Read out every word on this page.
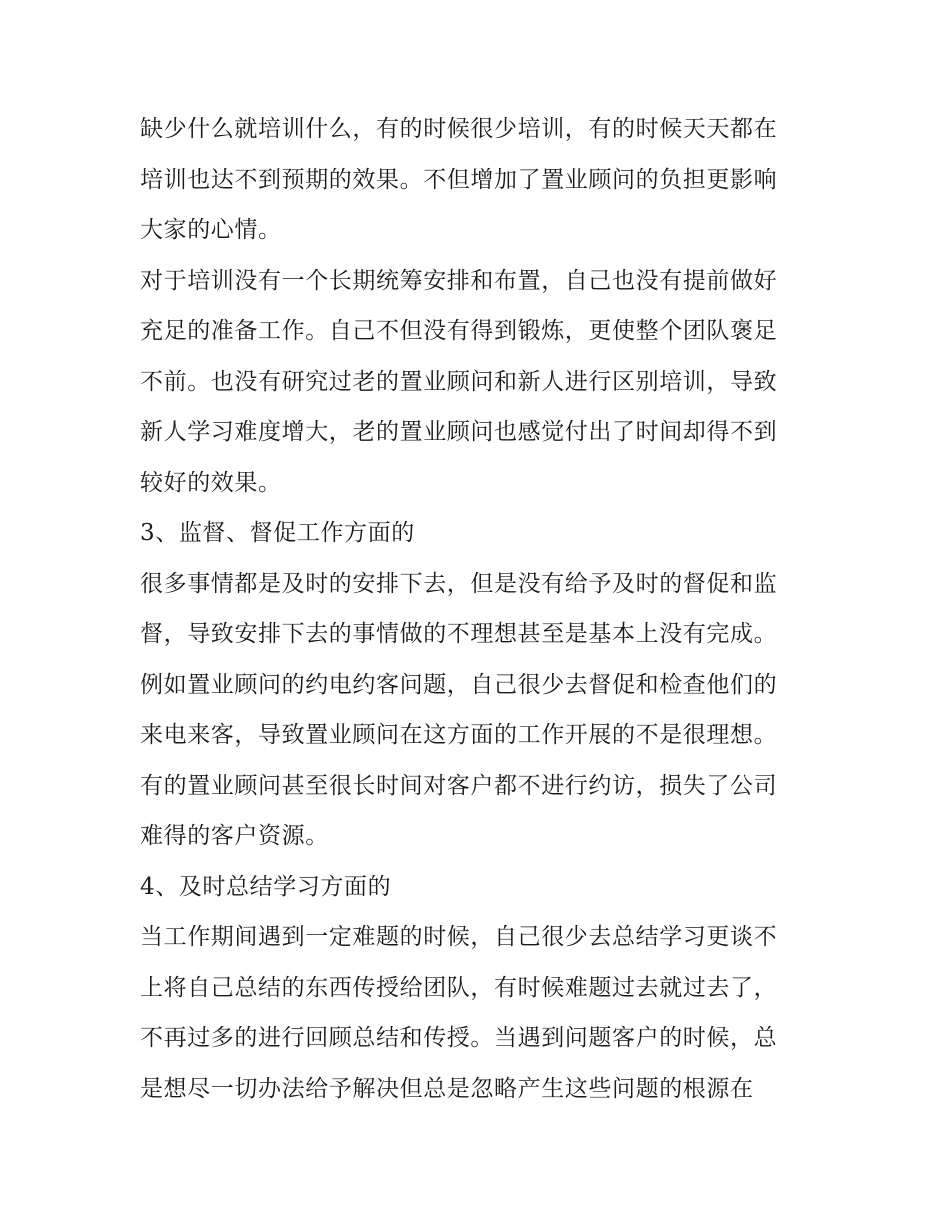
缺少什么就培训什么，有的时候很少培训，有的时候天天都在
培训也达不到预期的效果。不但增加了置业顾问的负担更影响
大家的心情。
对于培训没有一个长期统筹安排和布置，自己也没有提前做好
充足的准备工作。自己不但没有得到锻炼，更使整个团队褒足
不前。也没有研究过老的置业顾问和新人进行区别培训，导致
新人学习难度增大，老的置业顾问也感觉付出了时间却得不到
较好的效果。
3、监督、督促工作方面的
很多事情都是及时的安排下去，但是没有给予及时的督促和监
督，导致安排下去的事情做的不理想甚至是基本上没有完成。
例如置业顾问的约电约客问题，自己很少去督促和检查他们的
来电来客，导致置业顾问在这方面的工作开展的不是很理想。
有的置业顾问甚至很长时间对客户都不进行约访，损失了公司
难得的客户资源。
4、及时总结学习方面的
当工作期间遇到一定难题的时候，自己很少去总结学习更谈不
上将自己总结的东西传授给团队，有时候难题过去就过去了，
不再过多的进行回顾总结和传授。当遇到问题客户的时候，总
是想尽一切办法给予解决但总是忽略产生这些问题的根源在
